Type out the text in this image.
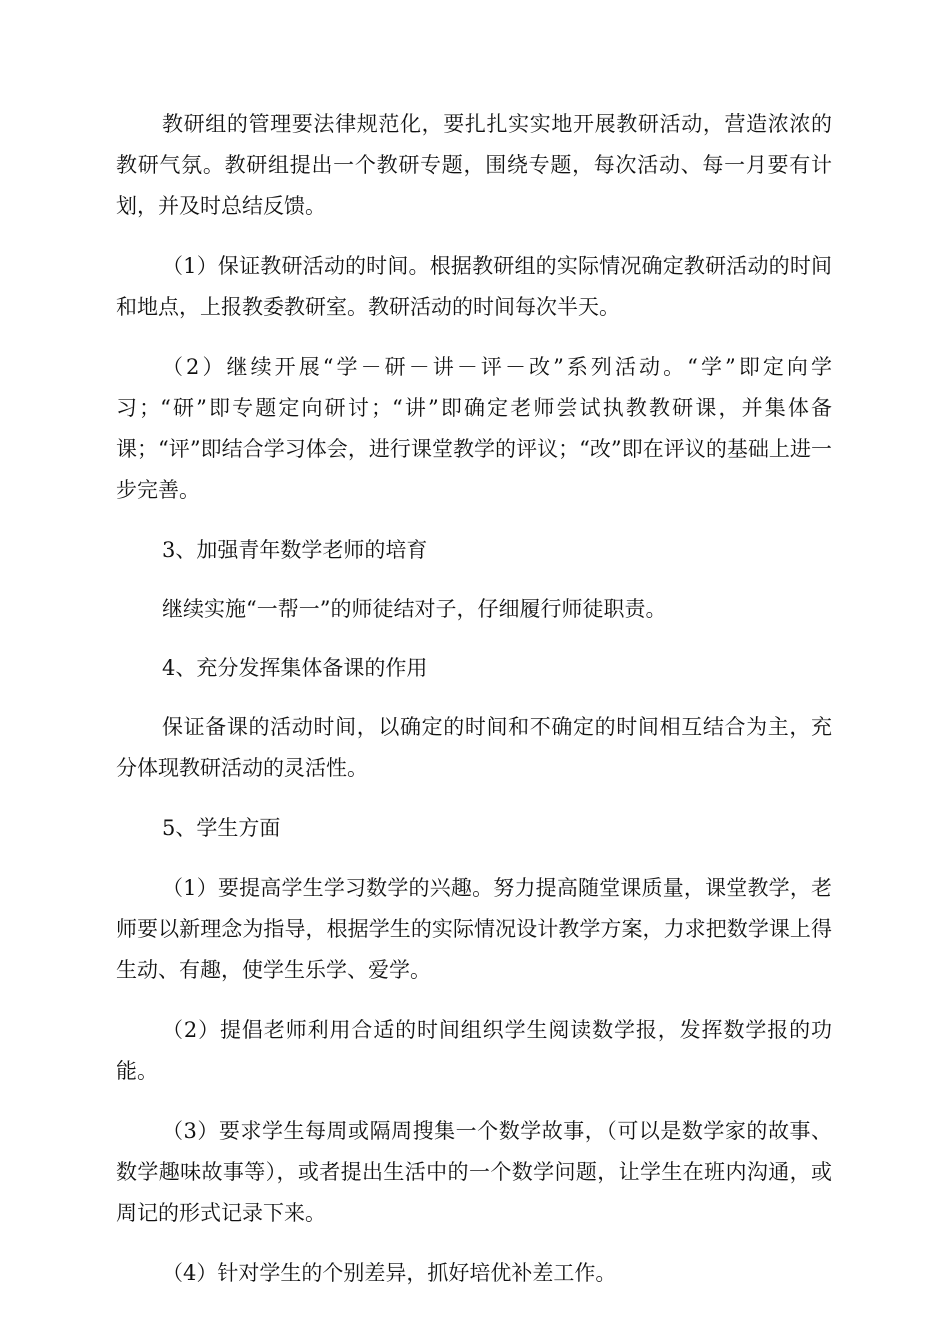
教研组的管理要法律规范化，要扎扎实实地开展教研活动，营造浓浓的教研气氛。教研组提出一个教研专题，围绕专题，每次活动、每一月要有计划，并及时总结反馈。

（1）保证教研活动的时间。根据教研组的实际情况确定教研活动的时间和地点，上报教委教研室。教研活动的时间每次半天。

（2）继续开展“学－研－讲－评－改”系列活动。“学”即定向学习；“研”即专题定向研讨；“讲”即确定老师尝试执教教研课，并集体备课；“评”即结合学习体会，进行课堂教学的评议；“改”即在评议的基础上进一步完善。

3、加强青年数学老师的培育

继续实施“一帮一”的师徒结对子，仔细履行师徒职责。

4、充分发挥集体备课的作用

保证备课的活动时间，以确定的时间和不确定的时间相互结合为主，充分体现教研活动的灵活性。

5、学生方面

（1）要提高学生学习数学的兴趣。努力提高随堂课质量，课堂教学，老师要以新理念为指导，根据学生的实际情况设计教学方案，力求把数学课上得生动、有趣，使学生乐学、爱学。

（2）提倡老师利用合适的时间组织学生阅读数学报，发挥数学报的功能。

（3）要求学生每周或隔周搜集一个数学故事，（可以是数学家的故事、数学趣味故事等），或者提出生活中的一个数学问题，让学生在班内沟通，或周记的形式记录下来。

（4）针对学生的个别差异，抓好培优补差工作。
